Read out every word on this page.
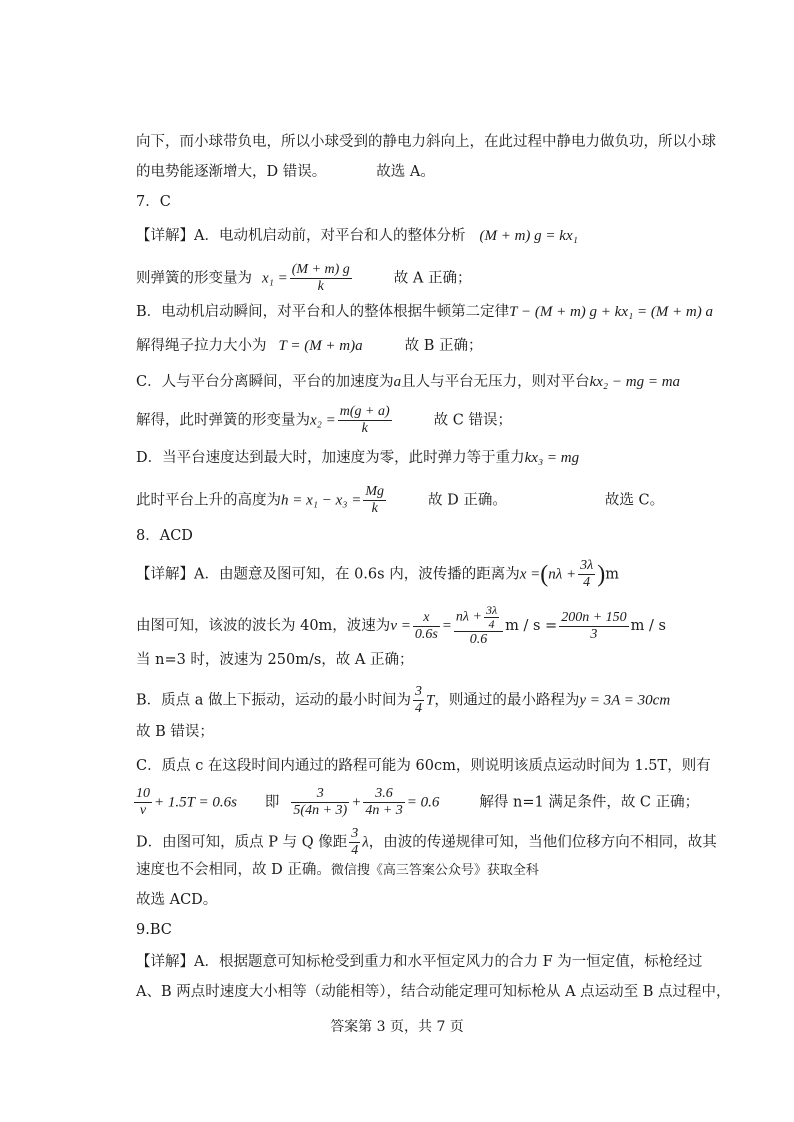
向下，而小球带负电，所以小球受到的静电力斜向上，在此过程中静电力做负功，所以小球
的电势能逐渐增大，D 错误。	故选 A。
7．C
【详解】A．电动机启动前，对平台和人的整体分析 (M + m) g = kx₁
则弹簧的形变量为 $x_1 = \frac{(M + m) g}{k}$	故 A 正确；
B．电动机启动瞬间，对平台和人的整体根据牛顿第二定律T − (M + m) g + kx₁ = (M + m) a
解得绳子拉力大小为 T = (M + m)a	故 B 正确；
C．人与平台分离瞬间，平台的加速度为a且人与平台无压力，则对平台kx₂ − mg = ma
解得，此时弹簧的形变量为$x_2 = \frac{m(g + a)}{k}$	故 C 错误；
D．当平台速度达到最大时，加速度为零，此时弹力等于重力kx₃ = mg
此时平台上升的高度为$h = x_1 - x_3 = \frac{Mg}{k}$	故 D 正确。	故选 C。
8．ACD
【详解】A．由题意及图可知，在 0.6s 内，波传播的距离为$x =(n\lambda + \frac{3\lambda}{4} )m$
由图可知，该波的波长为 40m，波速为$v = \frac{x}{0.6s} = \frac{n\lambda + \frac{3\lambda}{4}}{0.6}$ $m / s = \frac{200n + 150}{3}$ m / s
当 n=3 时，波速为 250m/s，故 A 正确；
B．质点 a 做上下振动，运动的最小时间为 $\frac{3}{4}$ T，则通过的最小路程为y = 3A = 30cm
故 B 错误；
C．质点 c 在这段时间内通过的路程可能为 60cm，则说明该质点运动时间为 1.5T，则有
$\frac{10}{v} + 1.5T = 0.6s$ 即 $\frac{3}{5(4n + 3)} + \frac{3.6}{4n + 3} = 0.6$	解得 n=1 满足条件，故 C 正确；
D．由图可知，质点 P 与 Q 像距 $\frac{3}{4}$ λ，由波的传递规律可知，当他们位移方向不相同，故其
速度也不会相同，故 D 正确。微信搜《高三答案公众号》获取全科
故选 ACD。
9.BC
【详解】A．根据题意可知标枪受到重力和水平恒定风力的合力 F 为一恒定值，标枪经过
A、B 两点时速度大小相等（动能相等），结合动能定理可知标枪从 A 点运动至 B 点过程中，
答案第 3 页，共 7 页
